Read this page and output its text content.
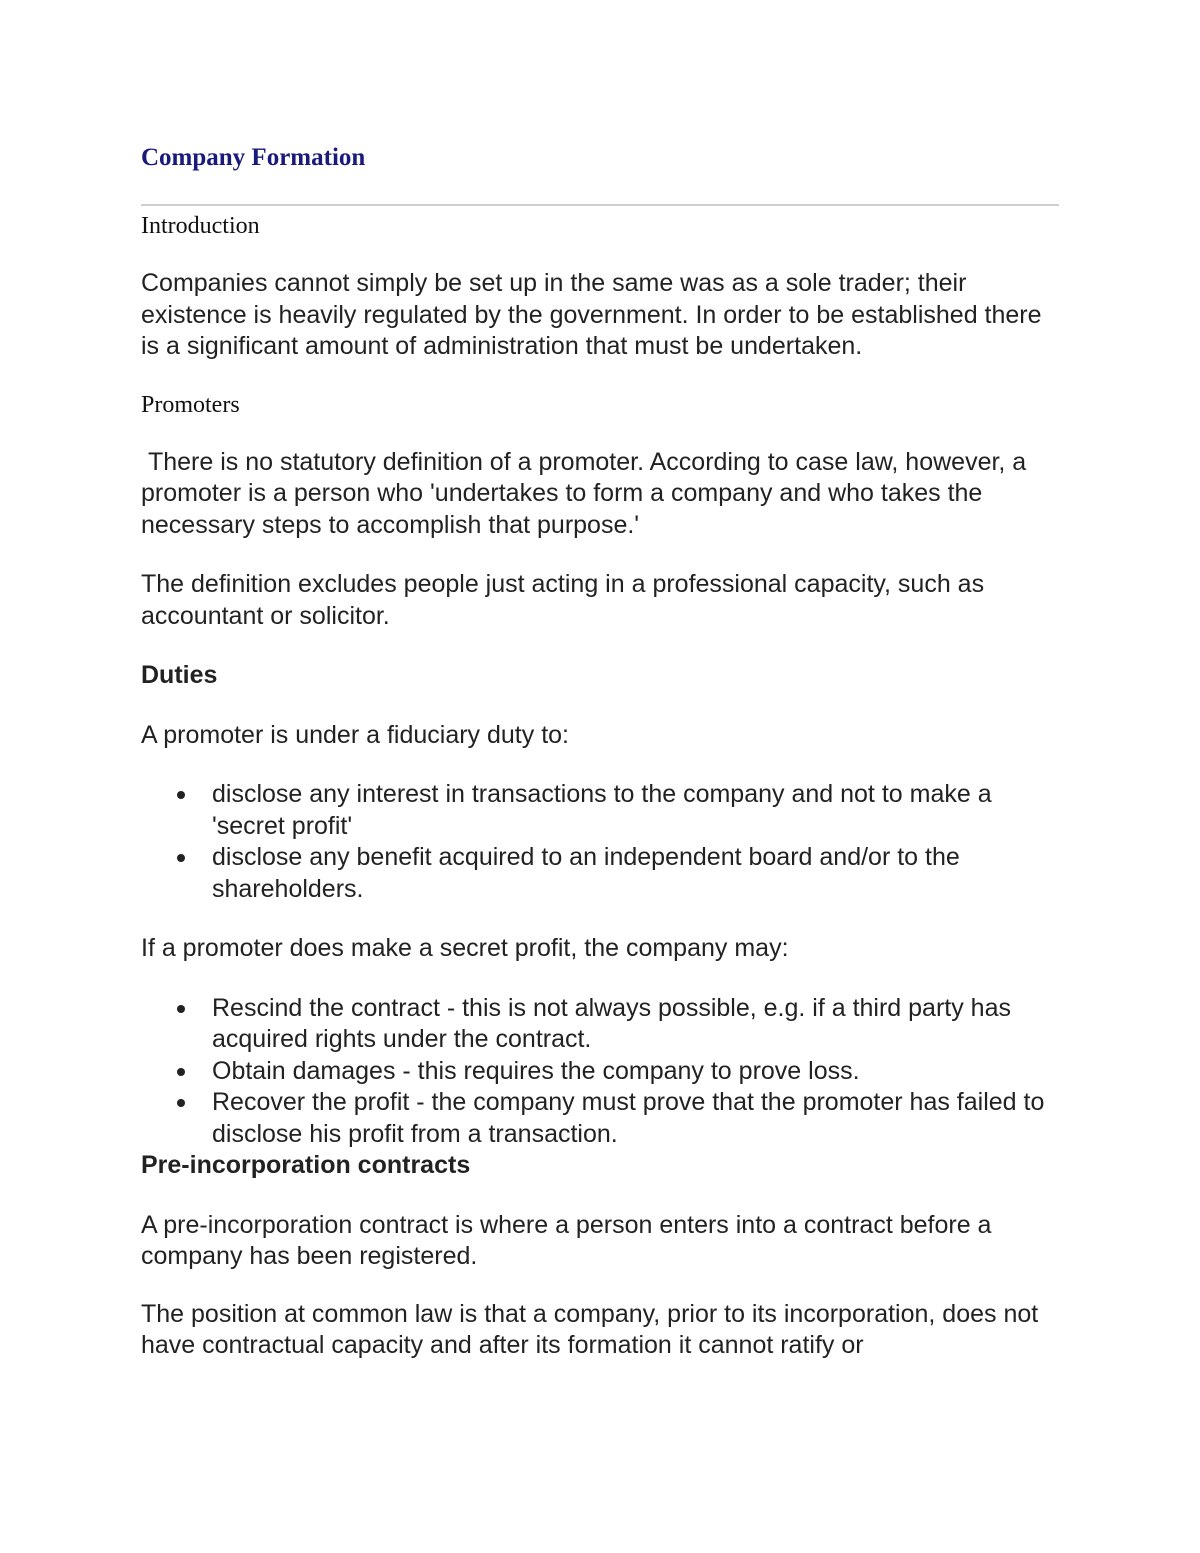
Company Formation

Introduction

Companies cannot simply be set up in the same was as a sole trader; their existence is heavily regulated by the government. In order to be established there is a significant amount of administration that must be undertaken.

Promoters

There is no statutory definition of a promoter. According to case law, however, a promoter is a person who 'undertakes to form a company and who takes the necessary steps to accomplish that purpose.'

The definition excludes people just acting in a professional capacity, such as accountant or solicitor.

Duties

A promoter is under a fiduciary duty to:

disclose any interest in transactions to the company and not to make a 'secret profit'
disclose any benefit acquired to an independent board and/or to the shareholders.

If a promoter does make a secret profit, the company may:

Rescind the contract - this is not always possible, e.g. if a third party has acquired rights under the contract.
Obtain damages - this requires the company to prove loss.
Recover the profit - the company must prove that the promoter has failed to disclose his profit from a transaction.

Pre-incorporation contracts

A pre-incorporation contract is where a person enters into a contract before a company has been registered.

The position at common law is that a company, prior to its incorporation, does not have contractual capacity and after its formation it cannot ratify or
